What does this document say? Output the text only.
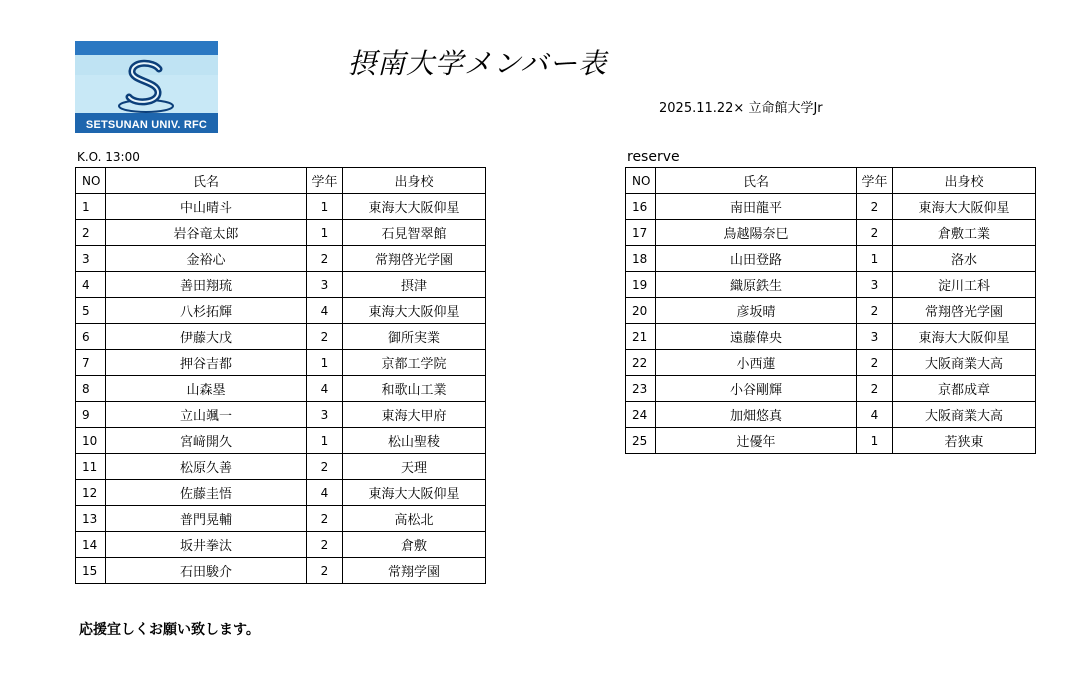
SETSUNAN UNIV. RFC
摂南大学メンバー表
2025.11.22× 立命館大学Jr
K.O. 13:00	reserve
NO	氏名	学年	出身校
1	中山晴斗	1	東海大大阪仰星
2	岩谷竜太郎	1	石見智翠館
3	金裕心	2	常翔啓光学園
4	善田翔琉	3	摂津
5	八杉拓輝	4	東海大大阪仰星
6	伊藤大戊	2	御所実業
7	押谷吉都	1	京都工学院
8	山森塁	4	和歌山工業
9	立山颯一	3	東海大甲府
10	宮﨑開久	1	松山聖稜
11	松原久善	2	天理
12	佐藤圭悟	4	東海大大阪仰星
13	普門晃輔	2	高松北
14	坂井拳汰	2	倉敷
15	石田駿介	2	常翔学園
NO	氏名	学年	出身校
16	南田龍平	2	東海大大阪仰星
17	鳥越陽奈巳	2	倉敷工業
18	山田登路	1	洛水
19	織原鉄生	3	淀川工科
20	彦坂晴	2	常翔啓光学園
21	遠藤偉央	3	東海大大阪仰星
22	小西蓮	2	大阪商業大高
23	小谷剛輝	2	京都成章
24	加畑悠真	4	大阪商業大高
25	辻優年	1	若狭東
応援宜しくお願い致します。
